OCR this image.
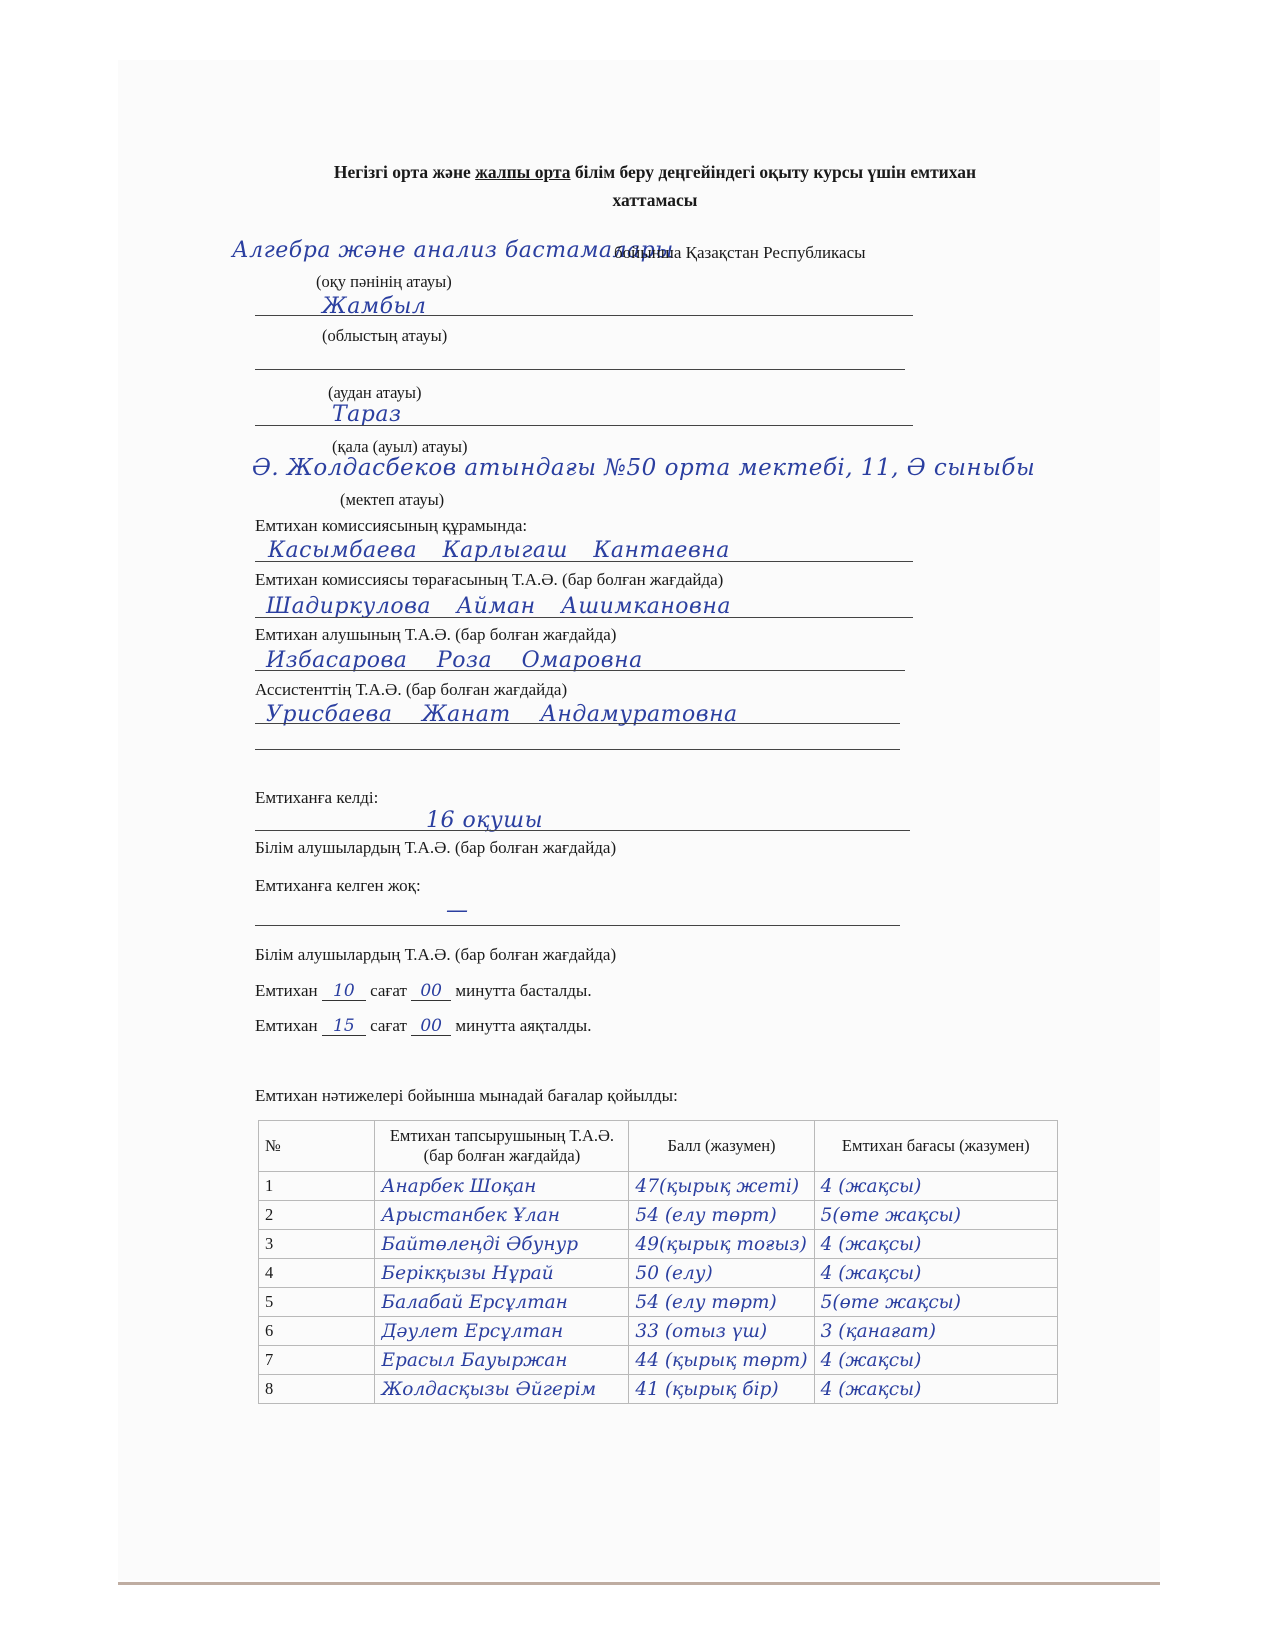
Негізгі орта және жалпы орта білім беру деңгейіндегі оқыту курсы үшін емтихан
хаттамасы
Алгебра және анализ бастамалары
бойынша Қазақстан Республикасы
(оқу пәнінің атауы)
Жамбыл
(облыстың атауы)
(аудан атауы)
Тараз
(қала (ауыл) атауы)
Ә. Жолдасбеков атындағы №50 орта мектебі, 11, Ә сыныбы
(мектеп атауы)
Емтихан комиссиясының құрамында:
Касымбаева Карлыгаш Кантаевна
Емтихан комиссиясы төрағасының Т.А.Ә. (бар болған жағдайда)
Шадиркулова Айман Ашимкановна
Емтихан алушының Т.А.Ә. (бар болған жағдайда)
Избасарова Роза Омаровна
Ассистенттің Т.А.Ә. (бар болған жағдайда)
Урисбаева Жанат Андамуратовна
Емтиханға келді:
16 оқушы
Білім алушылардың Т.А.Ә. (бар болған жағдайда)
Емтиханға келген жоқ:
—
Білім алушылардың Т.А.Ә. (бар болған жағдайда)
Емтихан 10 сағат 00 минутта басталды.
Емтихан 15 сағат 00 минутта аяқталды.
Емтихан нәтижелері бойынша мынадай бағалар қойылды:
№	Емтихан тапсырушының Т.А.Ә. (бар болған жағдайда)	Балл (жазумен)	Емтихан бағасы (жазумен)
1	Анарбек Шоқан	47(қырық жеті)	4 (жақсы)
2	Арыстанбек Ұлан	54 (елу төрт)	5(өте жақсы)
3	Байтөлеңді Әбунур	49(қырық тоғыз)	4 (жақсы)
4	Берікқызы Нұрай	50 (елу)	4 (жақсы)
5	Балабай Ерсұлтан	54 (елу төрт)	5(өте жақсы)
6	Дәулет Ерсұлтан	33 (отыз үш)	3 (қанағат)
7	Ерасыл Бауыржан	44 (қырық төрт)	4 (жақсы)
8	Жолдасқызы Әйгерім	41 (қырық бір)	4 (жақсы)
